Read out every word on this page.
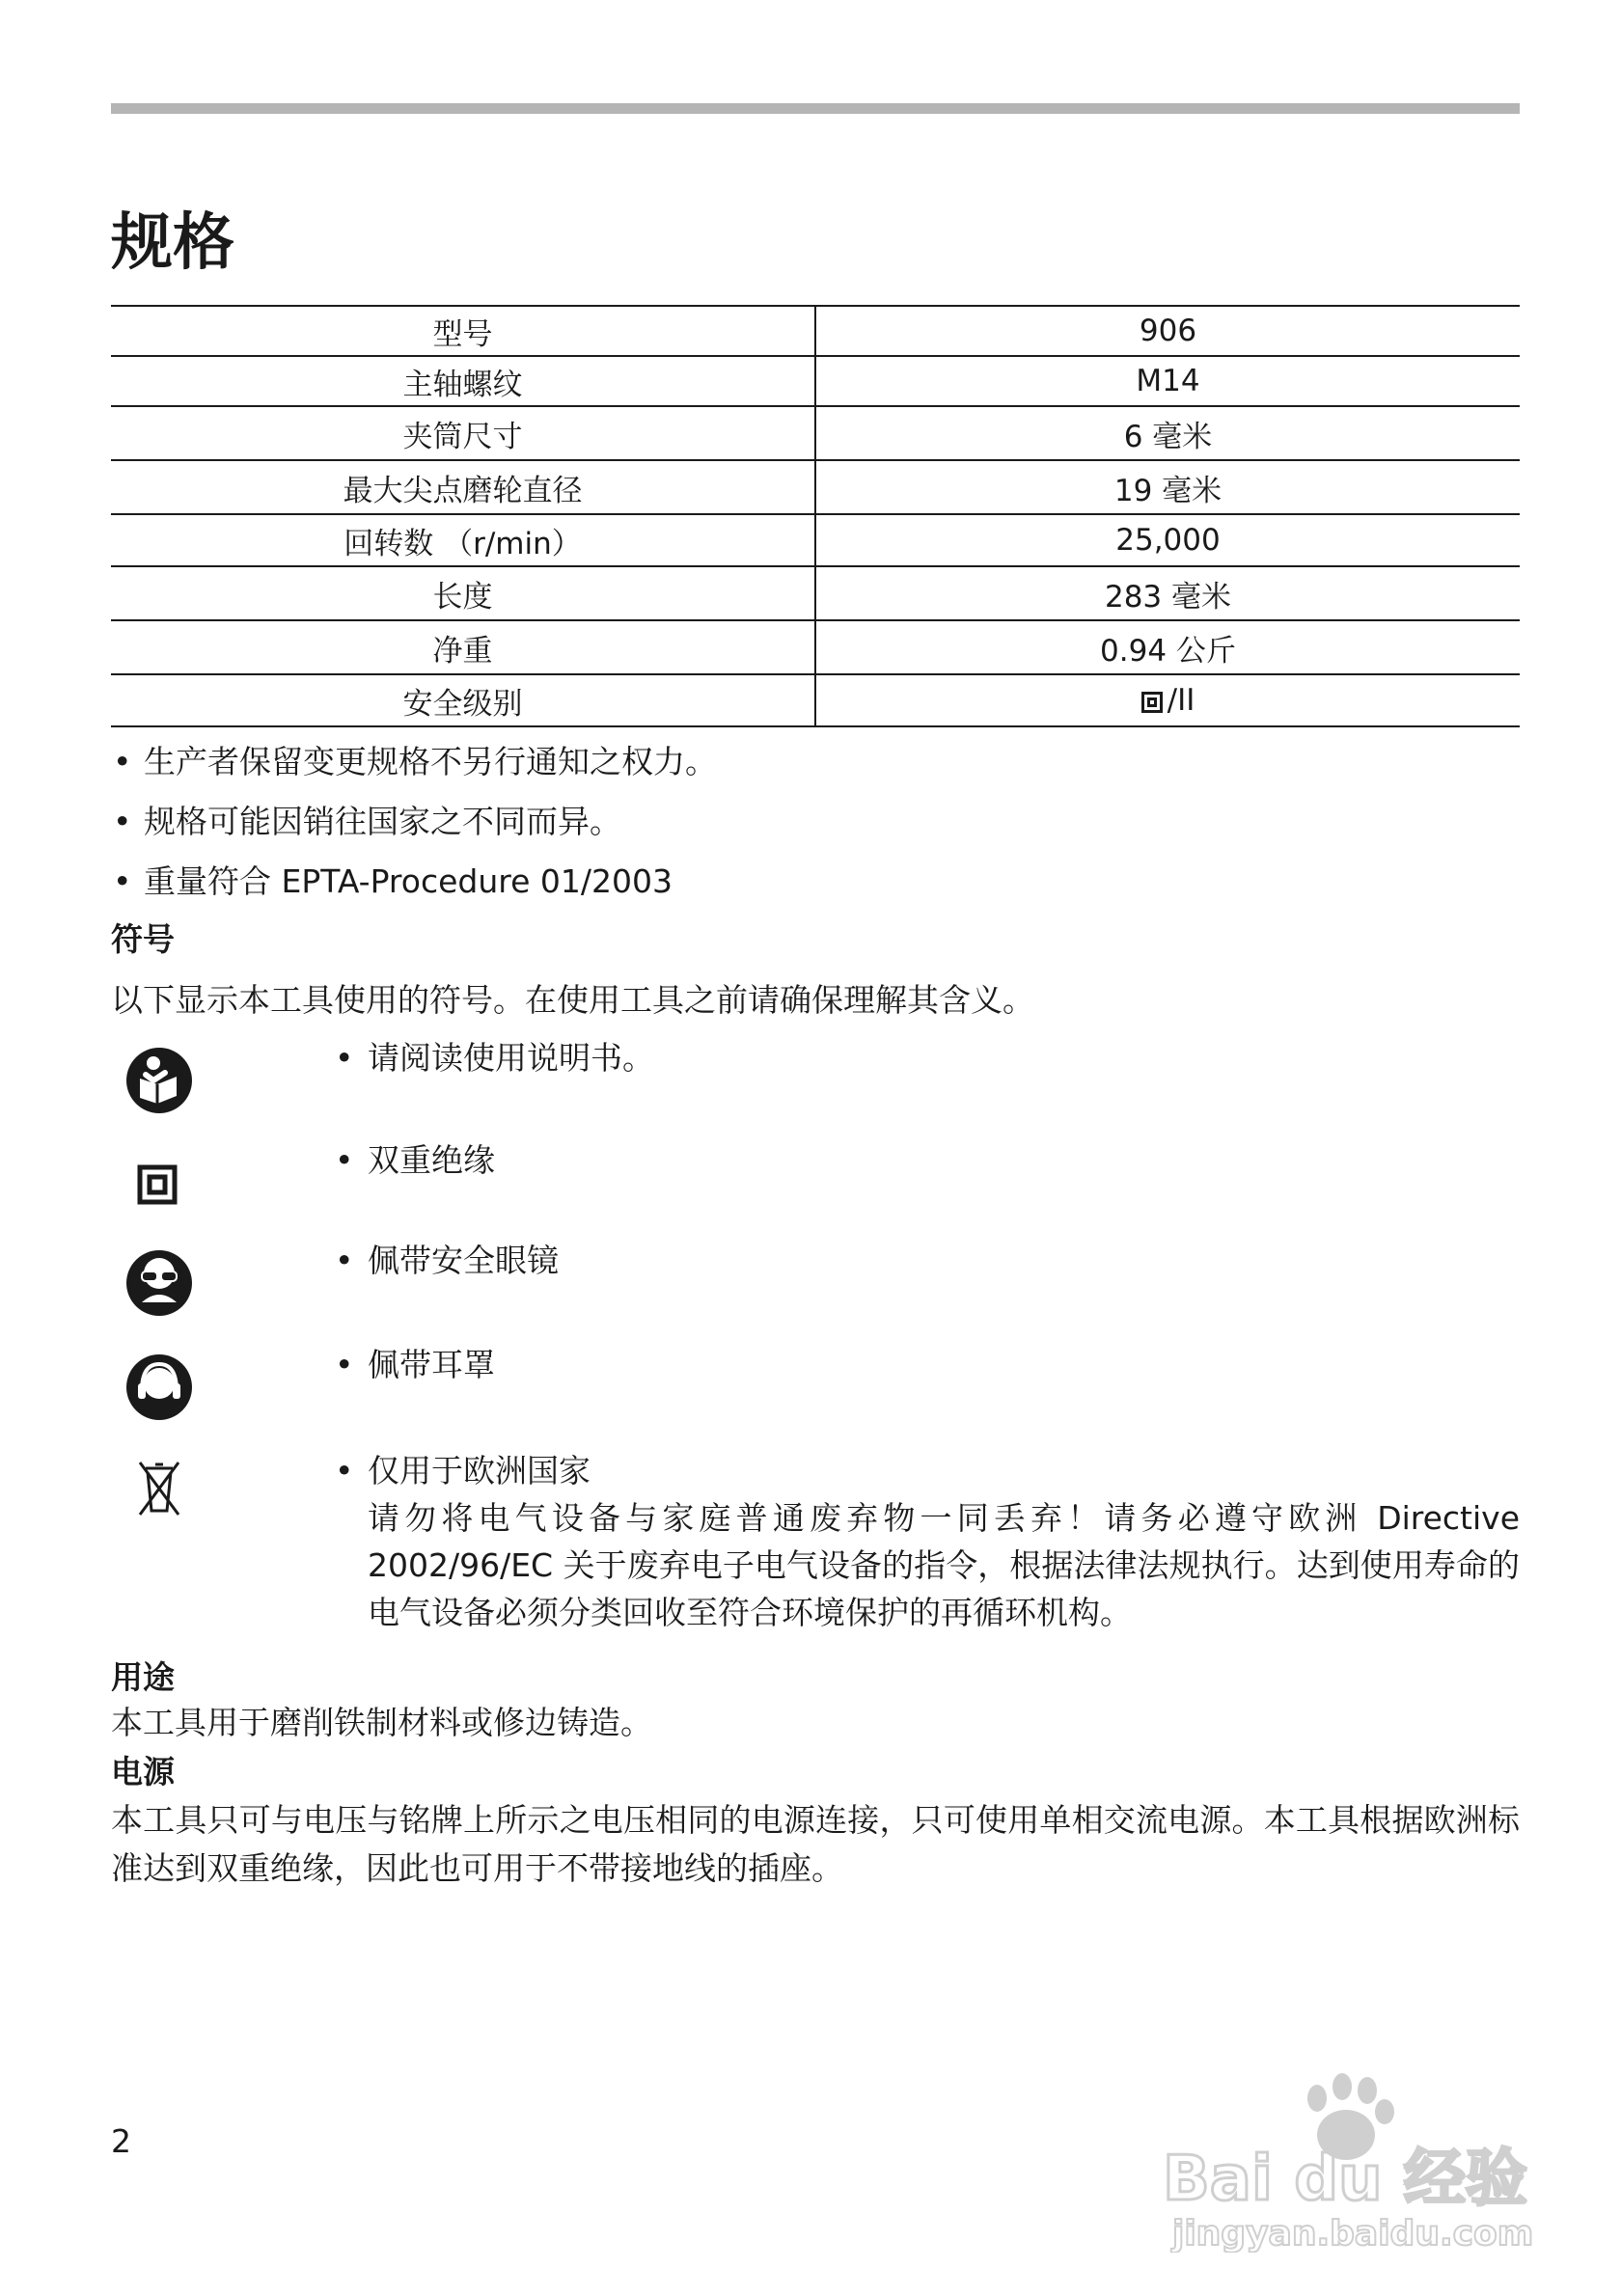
规格
型号	906
主轴螺纹	M14
夹筒尺寸	6 毫米
最大尖点磨轮直径	19 毫米
回转数 （r/min）	25,000
长度	283 毫米
净重	0.94 公斤
安全级别	/II
• 生产者保留变更规格不另行通知之权力。
• 规格可能因销往国家之不同而异。
• 重量符合 EPTA-Procedure 01/2003
符号

以下显示本工具使用的符号。在使用工具之前请确保理解其含义。

• 请阅读使用说明书。
• 双重绝缘
• 佩带安全眼镜
• 佩带耳罩
• 仅用于欧洲国家
请勿将电气设备与家庭普通废弃物一同丢弃！请务必遵守欧洲 Directive 2002/96/EC 关于废弃电子电气设备的指令，根据法律法规执行。达到使用寿命的电气设备必须分类回收至符合环境保护的再循环机构。
用途

本工具用于磨削铁制材料或修边铸造。

电源

本工具只可与电压与铭牌上所示之电压相同的电源连接，只可使用单相交流电源。本工具根据欧洲标准达到双重绝缘，因此也可用于不带接地线的插座。

2
Bai du 经验
jingyan.baidu.com
